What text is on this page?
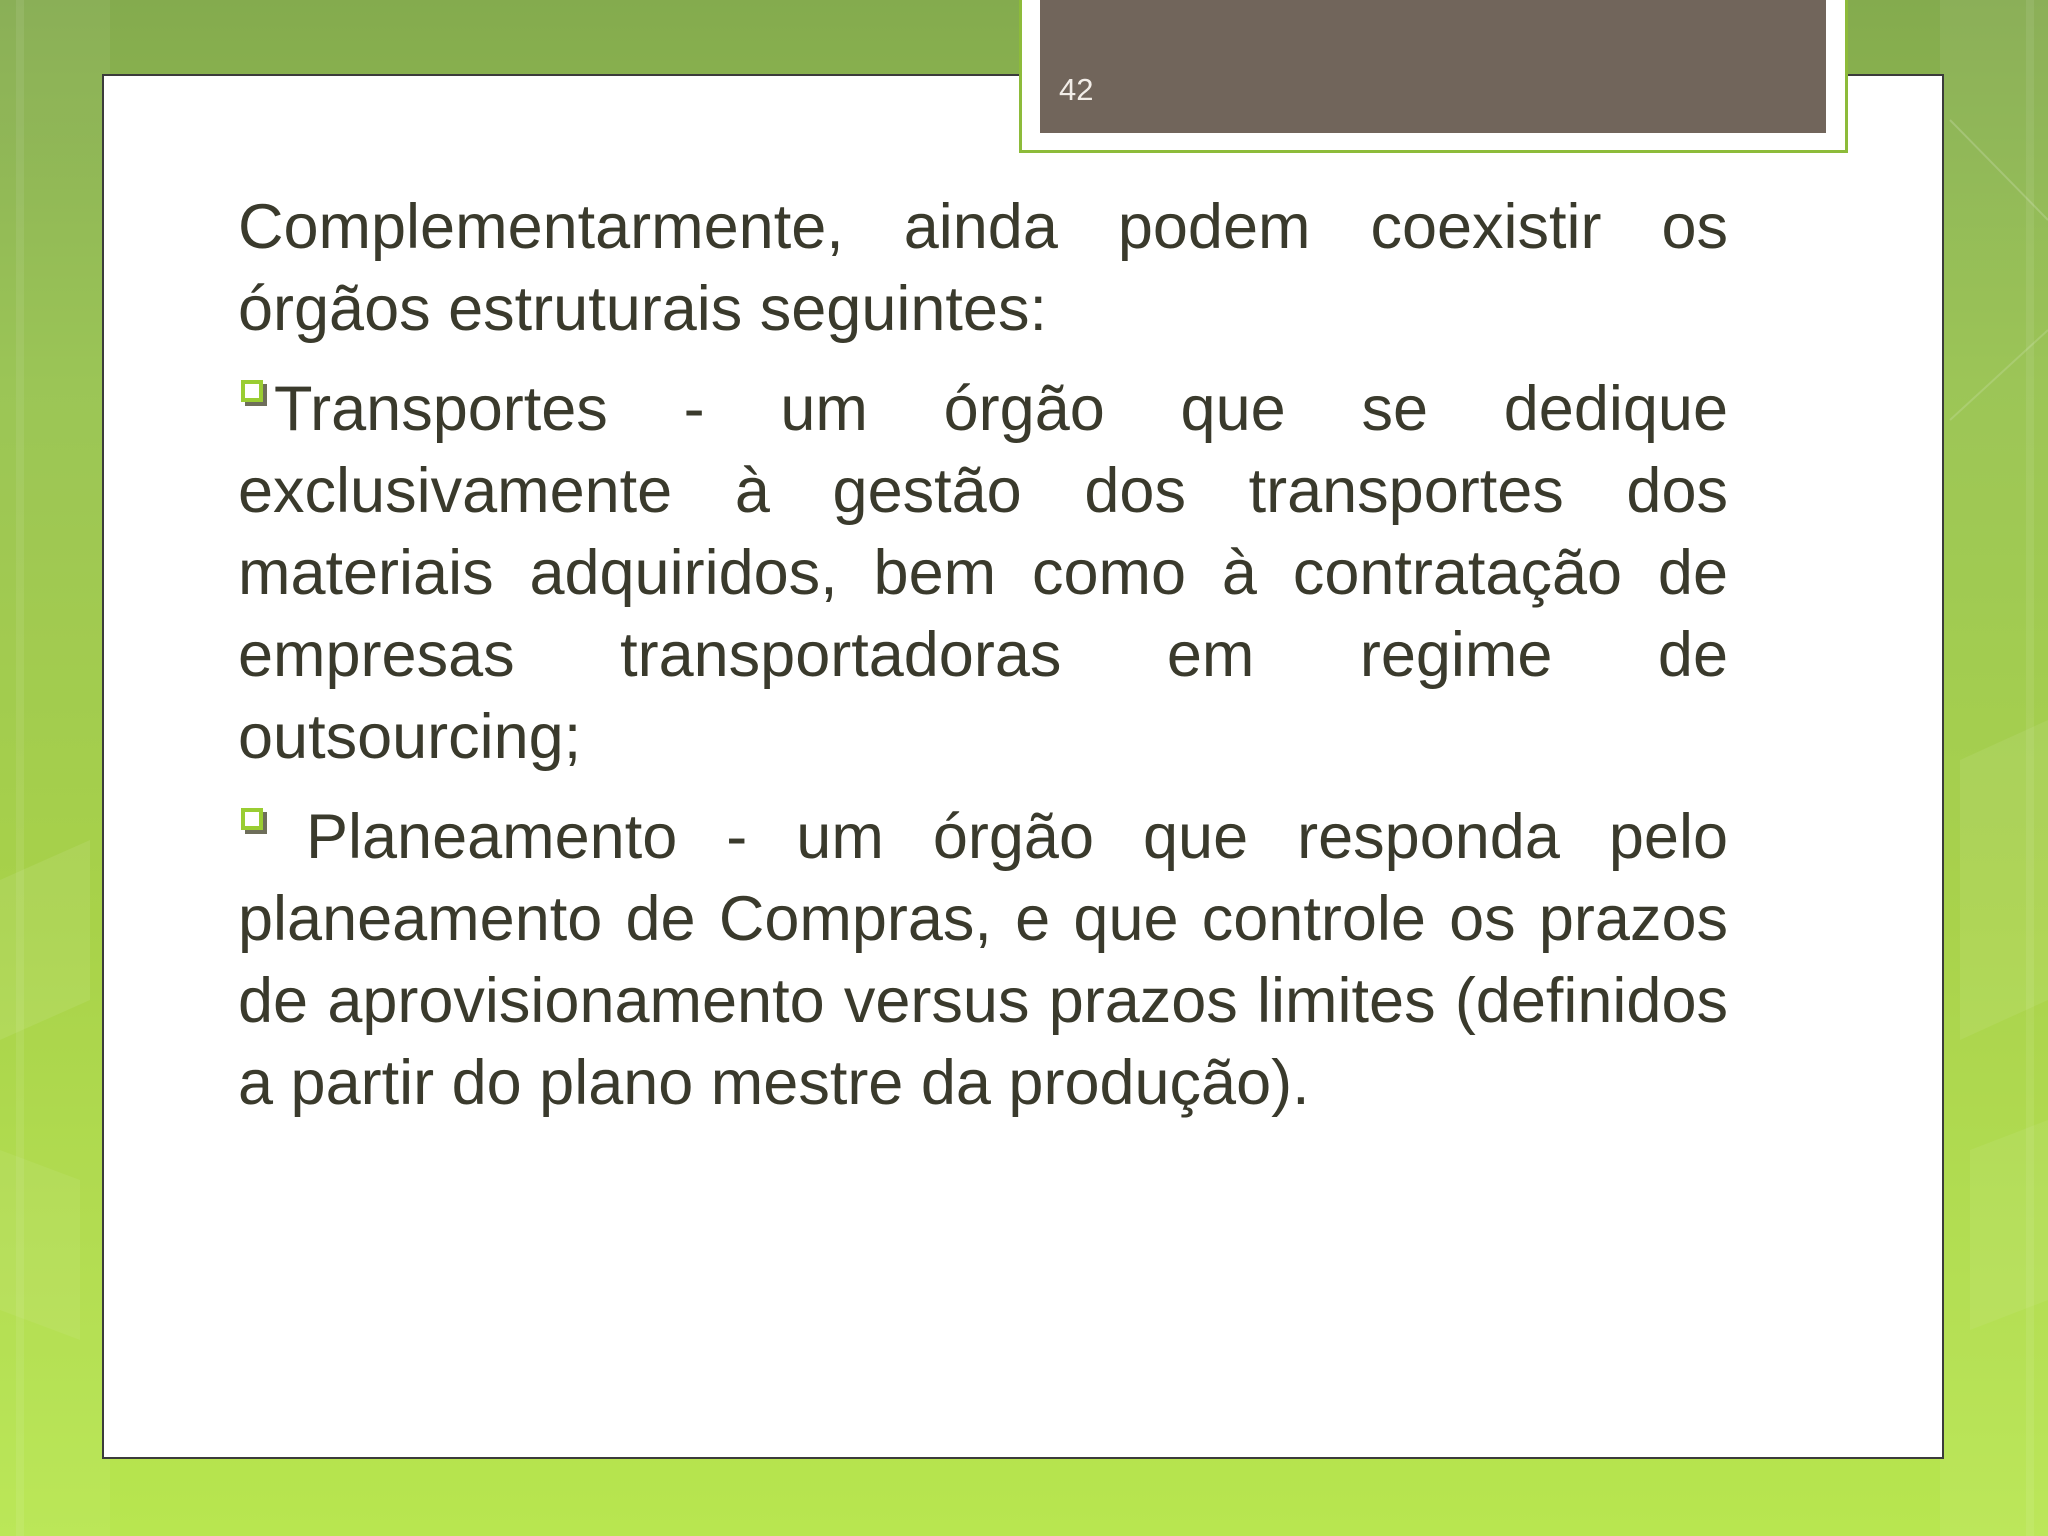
42

Complementarmente, ainda podem coexistir os órgãos estruturais seguintes:

Transportes - um órgão que se dedique exclusivamente à gestão dos transportes dos materiais adquiridos, bem como à contratação de empresas transportadoras em regime de outsourcing;

Planeamento - um órgão que responda pelo planeamento de Compras, e que controle os prazos de aprovisionamento versus prazos limites (definidos a partir do plano mestre da produção).
